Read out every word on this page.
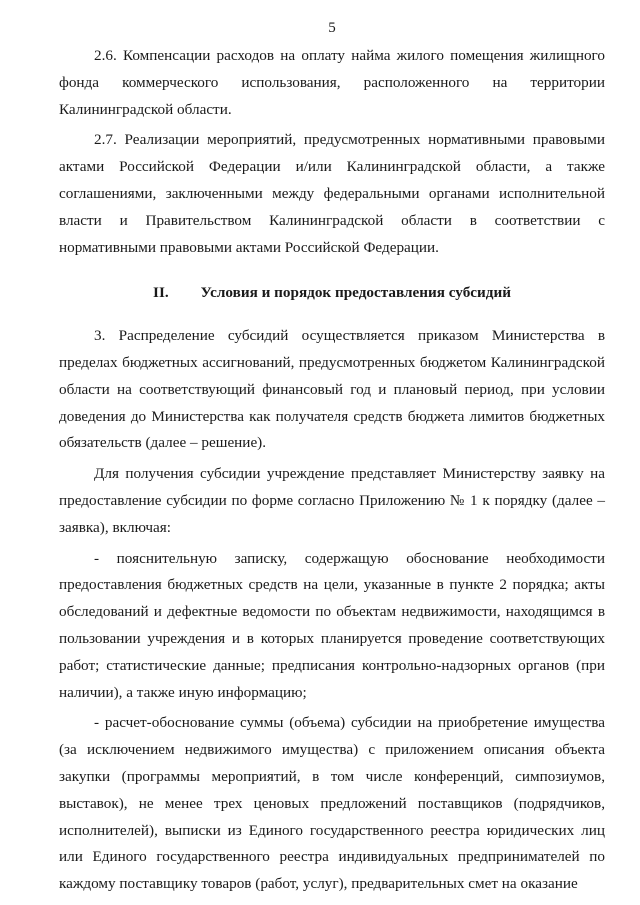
5

2.6. Компенсации расходов на оплату найма жилого помещения жилищного фонда коммерческого использования, расположенного на территории Калининградской области.

2.7. Реализации мероприятий, предусмотренных нормативными правовыми актами Российской Федерации и/или Калининградской области, а также соглашениями, заключенными между федеральными органами исполнительной власти и Правительством Калининградской области в соответствии с нормативными правовыми актами Российской Федерации.

II. Условия и порядок предоставления субсидий

3. Распределение субсидий осуществляется приказом Министерства в пределах бюджетных ассигнований, предусмотренных бюджетом Калининградской области на соответствующий финансовый год и плановый период, при условии доведения до Министерства как получателя средств бюджета лимитов бюджетных обязательств (далее – решение).

Для получения субсидии учреждение представляет Министерству заявку на предоставление субсидии по форме согласно Приложению № 1 к порядку (далее – заявка), включая:

- пояснительную записку, содержащую обоснование необходимости предоставления бюджетных средств на цели, указанные в пункте 2 порядка; акты обследований и дефектные ведомости по объектам недвижимости, находящимся в пользовании учреждения и в которых планируется проведение соответствующих работ; статистические данные; предписания контрольно-надзорных органов (при наличии), а также иную информацию;

- расчет-обоснование суммы (объема) субсидии на приобретение имущества (за исключением недвижимого имущества) с приложением описания объекта закупки (программы мероприятий, в том числе конференций, симпозиумов, выставок), не менее трех ценовых предложений поставщиков (подрядчиков, исполнителей), выписки из Единого государственного реестра юридических лиц или Единого государственного реестра индивидуальных предпринимателей по каждому поставщику товаров (работ, услуг), предварительных смет на оказание
